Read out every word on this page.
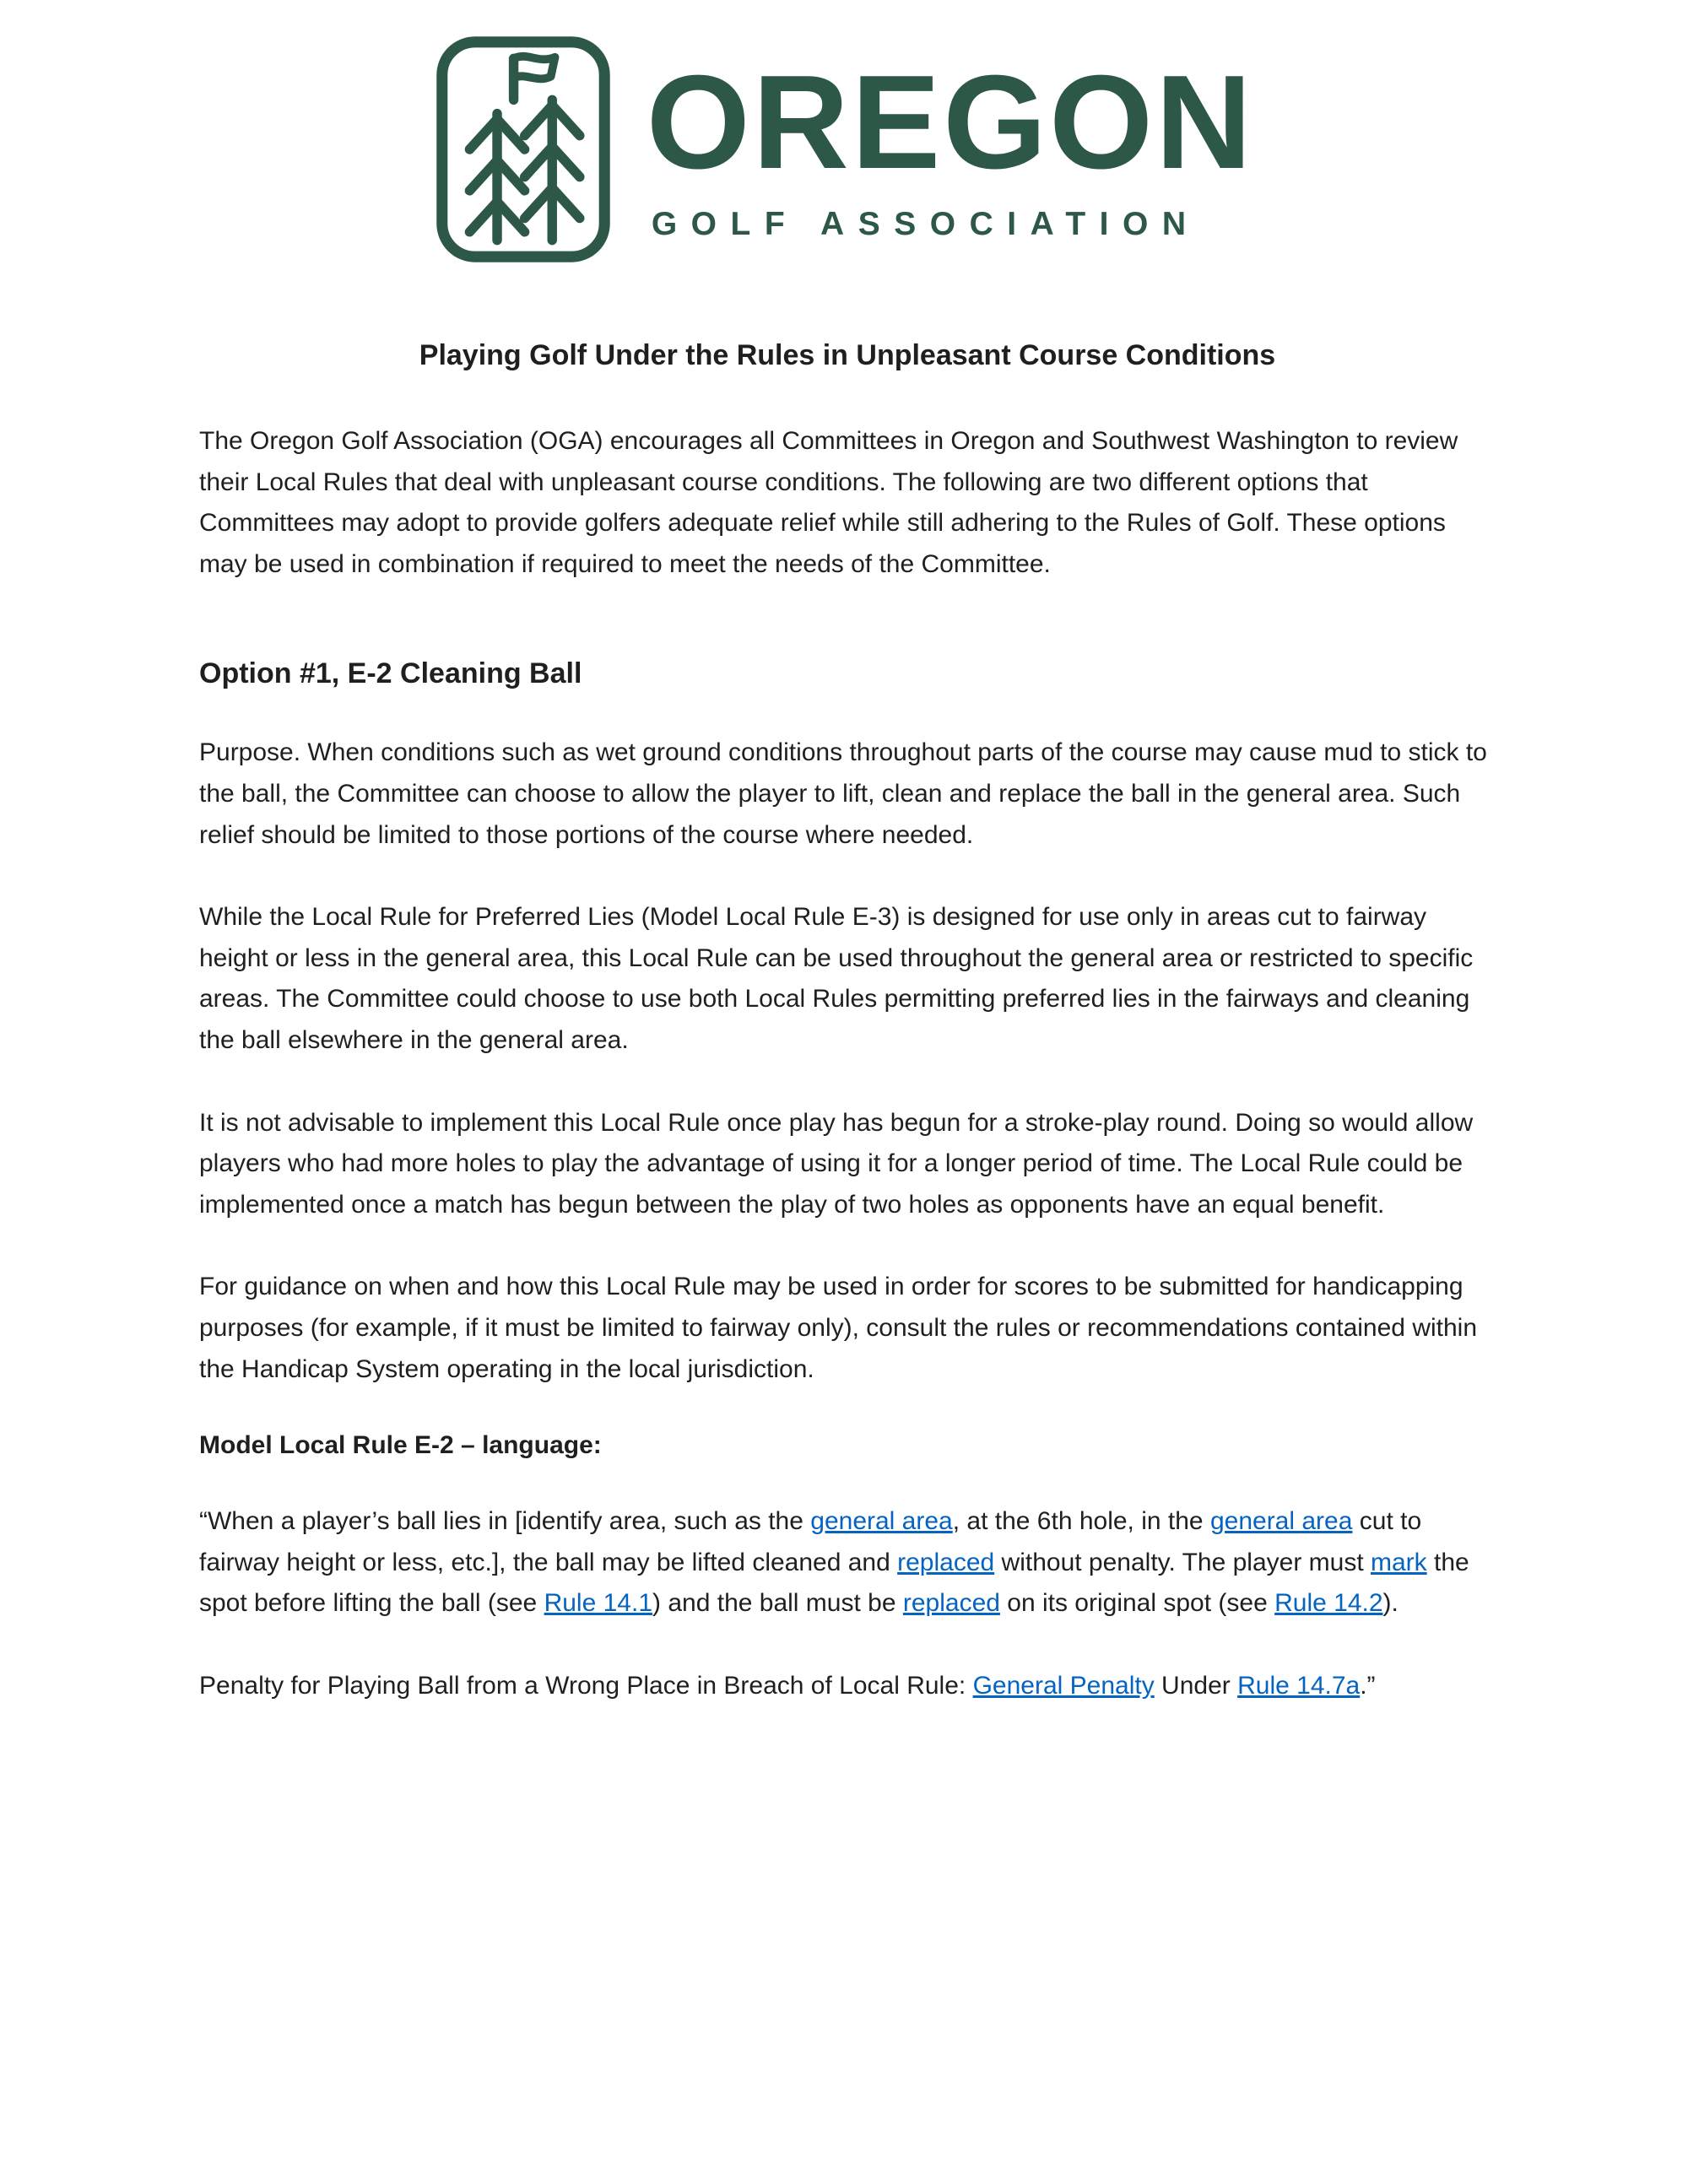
OREGON
GOLF ASSOCIATION
Playing Golf Under the Rules in Unpleasant Course Conditions

The Oregon Golf Association (OGA) encourages all Committees in Oregon and Southwest Washington to review their Local Rules that deal with unpleasant course conditions. The following are two different options that Committees may adopt to provide golfers adequate relief while still adhering to the Rules of Golf. These options may be used in combination if required to meet the needs of the Committee.

Option #1, E-2 Cleaning Ball

Purpose. When conditions such as wet ground conditions throughout parts of the course may cause mud to stick to the ball, the Committee can choose to allow the player to lift, clean and replace the ball in the general area. Such relief should be limited to those portions of the course where needed.

While the Local Rule for Preferred Lies (Model Local Rule E-3) is designed for use only in areas cut to fairway height or less in the general area, this Local Rule can be used throughout the general area or restricted to specific areas. The Committee could choose to use both Local Rules permitting preferred lies in the fairways and cleaning the ball elsewhere in the general area.

It is not advisable to implement this Local Rule once play has begun for a stroke-play round. Doing so would allow players who had more holes to play the advantage of using it for a longer period of time. The Local Rule could be implemented once a match has begun between the play of two holes as opponents have an equal benefit.

For guidance on when and how this Local Rule may be used in order for scores to be submitted for handicapping purposes (for example, if it must be limited to fairway only), consult the rules or recommendations contained within the Handicap System operating in the local jurisdiction.

Model Local Rule E-2 – language:

“When a player’s ball lies in [identify area, such as the general area, at the 6th hole, in the general area cut to fairway height or less, etc.], the ball may be lifted cleaned and replaced without penalty. The player must mark the spot before lifting the ball (see Rule 14.1) and the ball must be replaced on its original spot (see Rule 14.2).

Penalty for Playing Ball from a Wrong Place in Breach of Local Rule: General Penalty Under Rule 14.7a.”
